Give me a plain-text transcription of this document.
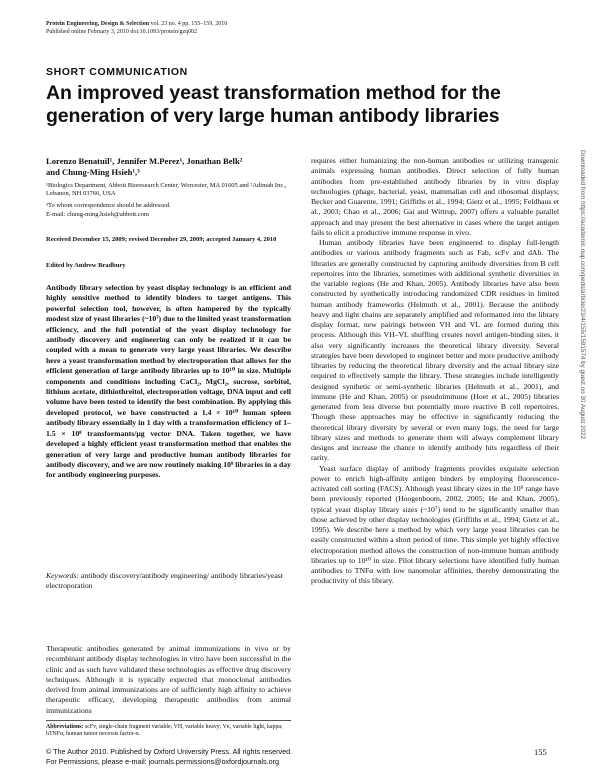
Protein Engineering, Design & Selection vol. 23 no. 4 pp. 155–159, 2010
Published online February 3, 2010 doi:10.1093/protein/gzq002
SHORT COMMUNICATION
An improved yeast transformation method for the generation of very large human antibody libraries
Lorenzo Benatuil¹, Jennifer M.Perez¹, Jonathan Belk²
and Chung-Ming Hsieh¹,³
¹Biologics Department, Abbott Bioresearch Center, Worcester, MA 01605 and ²Adimab Inc., Lebanon, NH 03766, USA
³To whom correspondence should be addressed.
E-mail: chung-ming.hsieh@abbott.com
Received December 15, 2009; revised December 29, 2009; accepted January 4, 2010
Edited by Andrew Bradbury
Antibody library selection by yeast display technology is an efficient and highly sensitive method to identify binders to target antigens. This powerful selection tool, however, is often hampered by the typically modest size of yeast libraries (~10⁷) due to the limited yeast transformation efficiency, and the full potential of the yeast display technology for antibody discovery and engineering can only be realized if it can be coupled with a mean to generate very large yeast libraries. We describe here a yeast transformation method by electroporation that allows for the efficient generation of large antibody libraries up to 10¹⁰ in size. Multiple components and conditions including CaCl₂, MgCl₂, sucrose, sorbitol, lithium acetate, dithiothreitol, electroporation voltage, DNA input and cell volume have been tested to identify the best combination. By applying this developed protocol, we have constructed a 1.4 × 10¹⁰ human spleen antibody library essentially in 1 day with a transformation efficiency of 1–1.5 × 10⁸ transformants/μg vector DNA. Taken together, we have developed a highly efficient yeast transformation method that enables the generation of very large and productive human antibody libraries for antibody discovery, and we are now routinely making 10⁹ libraries in a day for antibody engineering purposes.
Keywords: antibody discovery/antibody engineering/ antibody libraries/yeast electroporation
Therapeutic antibodies generated by animal immunizations in vivo or by recombinant antibody display technologies in vitro have been successful in the clinic and as such have validated these technologies as effective drug discovery techniques. Although it is typically expected that monoclonal antibodies derived from animal immunizations are of sufficiently high affinity to achieve therapeutic efficacy, developing therapeutic antibodies from animal immunizations
Abbreviations: scFv, single-chain fragment variable; VH, variable heavy; Vκ, variable light, kappa; hTNFα, human tumor necrosis factor-α.

requires either humanizing the non-human antibodies or utilizing transgenic animals expressing human antibodies. Direct selection of fully human antibodies from pre-established antibody libraries by in vitro display technologies (phage, bacterial, yeast, mammalian cell and ribosomal displays; Becker and Guarente, 1991; Griffiths et al., 1994; Gietz et al., 1995; Feldhaus et al., 2003; Chao et al., 2006; Gai and Wittrup, 2007) offers a valuable parallel approach and may present the best alternative in cases where the target antigen fails to elicit a productive immune response in vivo.

Human antibody libraries have been engineered to display full-length antibodies or various antibody fragments such as Fab, scFv and dAb. The libraries are generally constructed by capturing antibody diversities from B cell repertoires into the libraries, sometimes with additional synthetic diversities in the variable regions (He and Khan, 2005). Antibody libraries have also been constructed by synthetically introducing randomized CDR residues in limited human antibody frameworks (Helmuth et al., 2001). Because the antibody heavy and light chains are separately amplified and reformatted into the library display format, new pairings between VH and VL are formed during this process. Although this VH–VL shuffling creates novel antigen-binding sites, it also very significantly increases the theoretical library diversity. Several strategies have been developed to engineer better and more productive antibody libraries by reducing the theoretical library diversity and the actual library size required to effectively sample the library. These strategies include intelligently designed synthetic or semi-synthetic libraries (Helmuth et al., 2001), and immune (He and Khan, 2005) or pseudoimmune (Hoet et al., 2005) libraries generated from less diverse but potentially more reactive B cell repertoires. Though these approaches may be effective in significantly reducing the theoretical library diversity by several or even many logs, the need for large library sizes and methods to generate them will always complement library designs and increase the chance to identify antibody hits regardless of their rarity.

Yeast surface display of antibody fragments provides exquisite selection power to enrich high-affinity antigen binders by employing fluorescence-activated cell sorting (FACS). Although yeast library sizes in the 10⁹ range have been previously reported (Hoogenboom, 2002, 2005; He and Khan, 2005), typical yeast display library sizes (~10⁷) tend to be significantly smaller than those achieved by other display technologies (Griffiths et al., 1994; Gietz et al., 1995). We describe here a method by which very large yeast libraries can be easily constructed within a short period of time. This simple yet highly effective electroporation method allows the construction of non-immune human antibody libraries up to 10¹⁰ in size. Pilot library selections have identified fully human antibodies to TNFα with low nanomolar affinities, thereby demonstrating the productivity of this library.

© The Author 2010. Published by Oxford University Press. All rights reserved.
For Permissions, please e-mail: journals.permissions@oxfordjournals.org
155
Downloaded from https://academic.oup.com/peds/article/23/4/155/1591574 by guest on 30 August 2022
